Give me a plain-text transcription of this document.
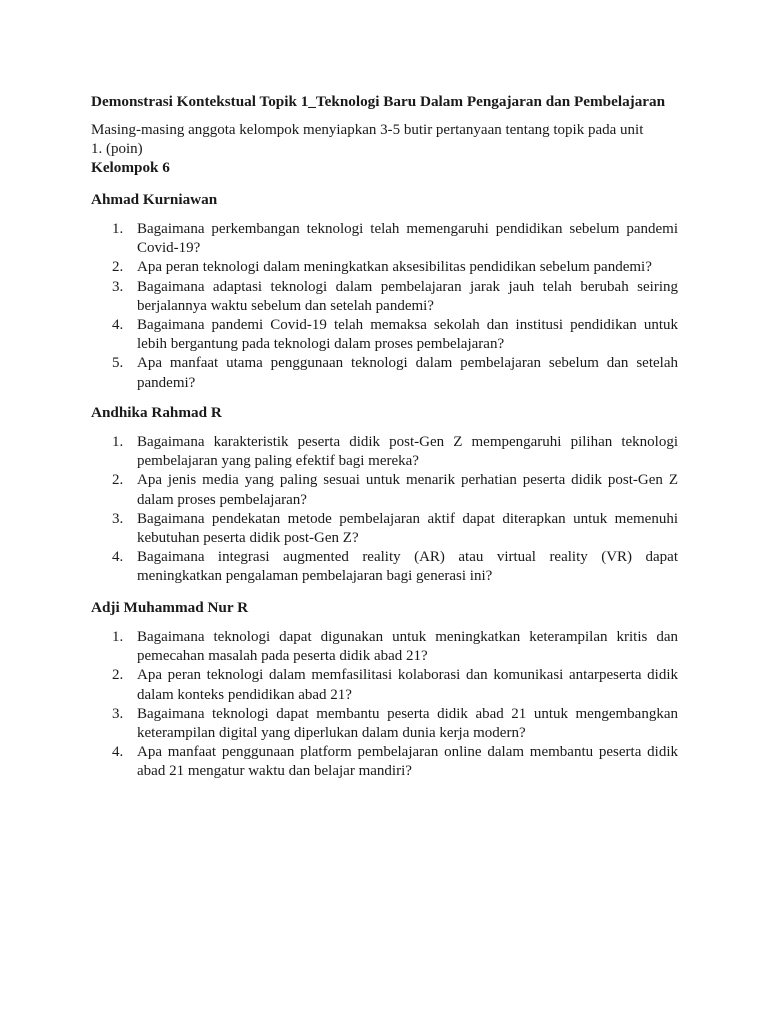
Demonstrasi Kontekstual Topik 1_Teknologi Baru Dalam Pengajaran dan Pembelajaran
Masing-masing anggota kelompok menyiapkan 3-5 butir pertanyaan tentang topik pada unit
1. (poin)
Kelompok 6
Ahmad Kurniawan
1. Bagaimana perkembangan teknologi telah memengaruhi pendidikan sebelum pandemi Covid-19?
2. Apa peran teknologi dalam meningkatkan aksesibilitas pendidikan sebelum pandemi?
3. Bagaimana adaptasi teknologi dalam pembelajaran jarak jauh telah berubah seiring berjalannya waktu sebelum dan setelah pandemi?
4. Bagaimana pandemi Covid-19 telah memaksa sekolah dan institusi pendidikan untuk lebih bergantung pada teknologi dalam proses pembelajaran?
5. Apa manfaat utama penggunaan teknologi dalam pembelajaran sebelum dan setelah pandemi?
Andhika Rahmad R
1. Bagaimana karakteristik peserta didik post-Gen Z mempengaruhi pilihan teknologi pembelajaran yang paling efektif bagi mereka?
2. Apa jenis media yang paling sesuai untuk menarik perhatian peserta didik post-Gen Z dalam proses pembelajaran?
3. Bagaimana pendekatan metode pembelajaran aktif dapat diterapkan untuk memenuhi kebutuhan peserta didik post-Gen Z?
4. Bagaimana integrasi augmented reality (AR) atau virtual reality (VR) dapat meningkatkan pengalaman pembelajaran bagi generasi ini?
Adji Muhammad Nur R
1. Bagaimana teknologi dapat digunakan untuk meningkatkan keterampilan kritis dan pemecahan masalah pada peserta didik abad 21?
2. Apa peran teknologi dalam memfasilitasi kolaborasi dan komunikasi antarpeserta didik dalam konteks pendidikan abad 21?
3. Bagaimana teknologi dapat membantu peserta didik abad 21 untuk mengembangkan keterampilan digital yang diperlukan dalam dunia kerja modern?
4. Apa manfaat penggunaan platform pembelajaran online dalam membantu peserta didik abad 21 mengatur waktu dan belajar mandiri?
